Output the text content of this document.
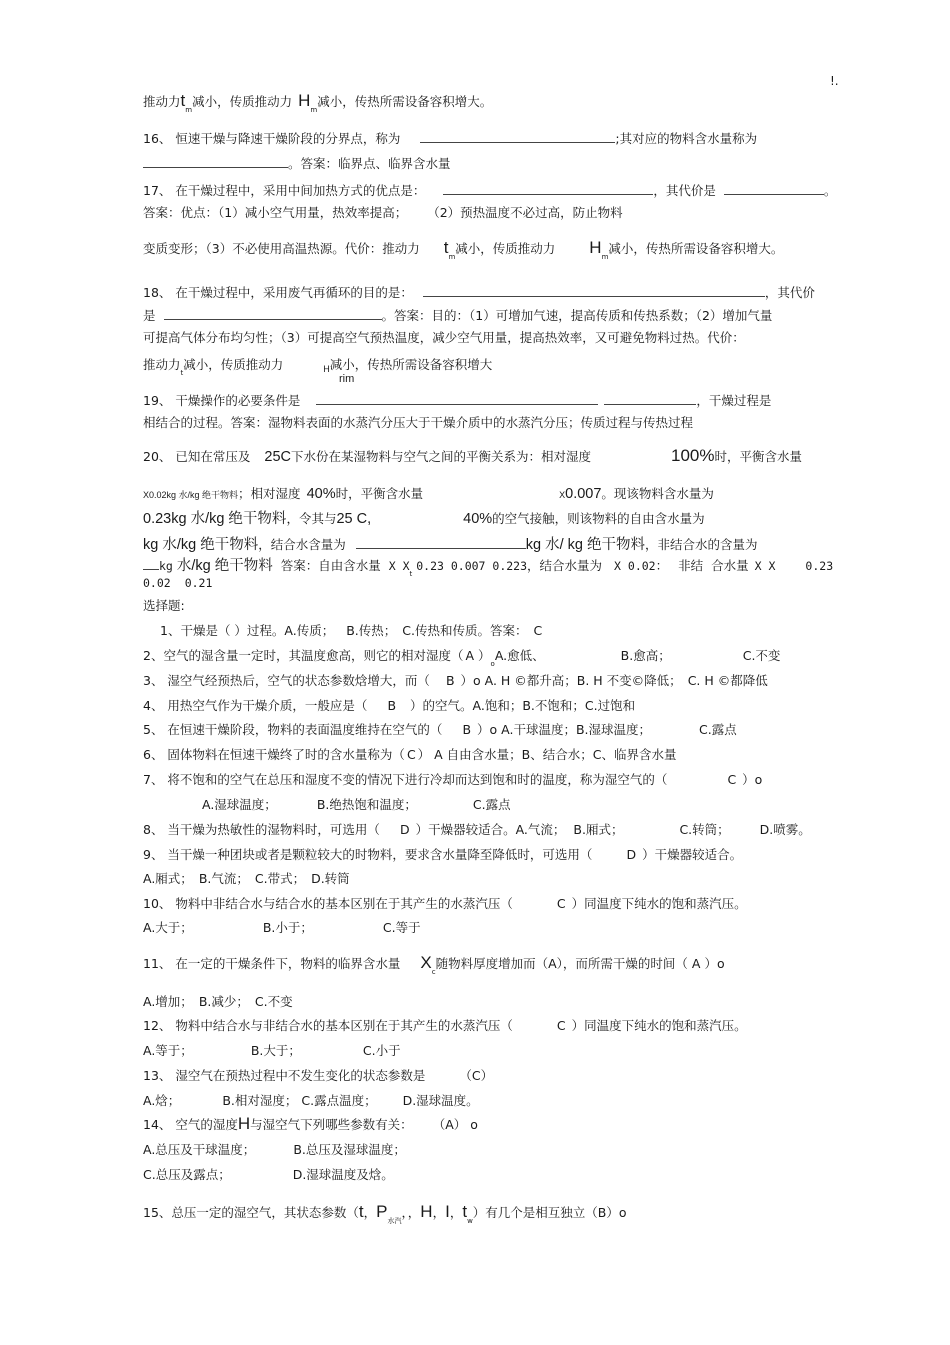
!.
推动力$t_m$减小，传质推动力 $H_m$减小，传热所需设备容积增大。
16、 恒速干燥与降速干燥阶段的分界点，称为	;其对应的物料含水量称为
。答案：临界点、临界含水量
17、 在干燥过程中，采用中间加热方式的优点是：	，其代价是	。
答案：优点：（1）减小空气用量，热效率提高； （2）预热温度不必过高，防止物料
变质变形；（3）不必使用高温热源。代价：推动力 $t_m$减小，传质推动力 $H_m$减小，传热所需设备容积增大。
18、 在干燥过程中，采用废气再循环的目的是：	，其代价
是	。答案：目的：（1）可增加气速，提高传质和传热系数；（2）增加气量
可提高气体分布均匀性；（3）可提高空气预热温度，减少空气用量，提高热效率，又可避免物料过热。代价：
推动力$_t$减小，传质推动力	$_H$减小，传热所需设备容积增大
rim
19、 干燥操作的必要条件是	，干燥过程是
相结合的过程。答案：湿物料表面的水蒸汽分压大于干燥介质中的水蒸汽分压；传质过程与传热过程
20、 已知在常压及 25C下水份在某湿物料与空气之间的平衡关系为：相对湿度	100%时，平衡含水量
X0.02kg 水/kg 绝干物料；相对湿度 40%时，平衡含水量	X0.007。现该物料含水量为
0.23kg 水/kg 绝干物料，令其与25 C,	40%的空气接触，则该物料的自由含水量为
kg 水/kg 绝干物料，结合水含量为	kg 水/ kg 绝干物料，非结合水的含量为
kg 水/kg 绝干物料 答案：自由含水量 X $X_t0.23$ 0.007 0.223，结合水量为 X 0.02： 非结 合水量 X X	0.23
0.02 0.21
选择题:
1、干燥是（ ）过程。A.传质； B.传热； C.传热和传质。答案： C
2、空气的湿含量一定时，其温度愈高，则它的相对湿度（ A ）$_oA$.愈低、	B.愈高；	C.不变
3、 湿空气经预热后，空气的状态参数焓增大，而（ B ）o A. H ©都升高；B. H 不变©降低； C. H ©都降低
4、 用热空气作为干燥介质，一般应是（ B ）的空气。A.饱和；B.不饱和；C.过饱和
5、 在恒速干燥阶段，物料的表面温度维持在空气的（ B ）o A.干球温度；B.湿球温度；	C.露点
6、 固体物料在恒速干燥终了时的含水量称为（ C ） A 自由含水量；B、结合水；C、临界含水量
7、 将不饱和的空气在总压和湿度不变的情况下进行冷却而达到饱和时的温度，称为湿空气的（	C ）o
A.湿球温度；	B.绝热饱和温度；	C.露点
8、 当干燥为热敏性的湿物料时，可选用（ D ）干燥器较适合。A.气流； B.厢式；	C.转筒； D.喷雾。
9、 当干燥一种团块或者是颗粒较大的时物料，要求含水量降至降低时，可选用（	D ）干燥器较适合。
A.厢式； B.气流； C.带式； D.转筒
10、 物料中非结合水与结合水的基本区别在于其产生的水蒸汽压（	C ）同温度下纯水的饱和蒸汽压。
A.大于；	B.小于；	C.等于
11、 在一定的干燥条件下，物料的临界含水量 $X_c$随物料厚度增加而（A），而所需干燥的时间（ A ）o
A.增加； B.减少； C.不变
12、 物料中结合水与非结合水的基本区别在于其产生的水蒸汽压（	C ）同温度下纯水的饱和蒸汽压。
A.等于；	B.大于；	C.小于
13、 湿空气在预热过程中不发生变化的状态参数是	（C）
A.焓；	B.相对湿度； C.露点温度； D.湿球温度。
14、 空气的湿度H与湿空气下列哪些参数有关： （A） o
A.总压及干球温度；	B.总压及湿球温度；
C.总压及露点；	D.湿球温度及焓。
15、总压一定的湿空气，其状态参数（t，$P_{水汽}$，，H，I，$t_w$）有几个是相互独立（B）o
